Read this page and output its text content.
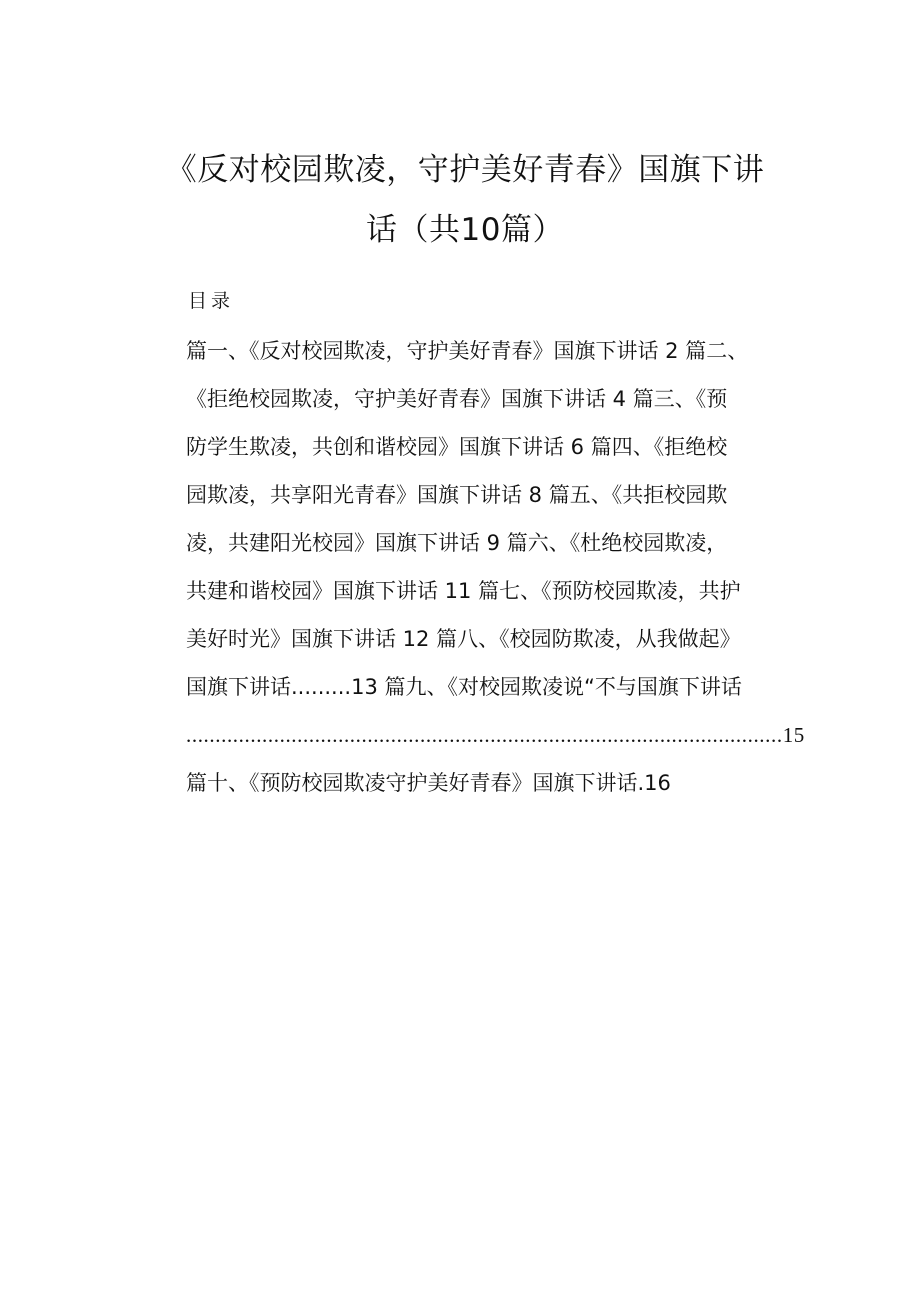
《反对校园欺凌，守护美好青春》国旗下讲
话（共10篇）
目录
篇一、《反对校园欺凌，守护美好青春》国旗下讲话 2 篇二、
《拒绝校园欺凌，守护美好青春》国旗下讲话 4 篇三、《预
防学生欺凌，共创和谐校园》国旗下讲话 6 篇四、《拒绝校
园欺凌，共享阳光青春》国旗下讲话 8 篇五、《共拒校园欺
凌，共建阳光校园》国旗下讲话 9 篇六、《杜绝校园欺凌，
共建和谐校园》国旗下讲话 11 篇七、《预防校园欺凌，共护
美好时光》国旗下讲话 12 篇八、《校园防欺凌，从我做起》
国旗下讲话.........13 篇九、《对校园欺凌说“不与国旗下讲话
......................................................................................................15
篇十、《预防校园欺凌守护美好青春》国旗下讲话.16
